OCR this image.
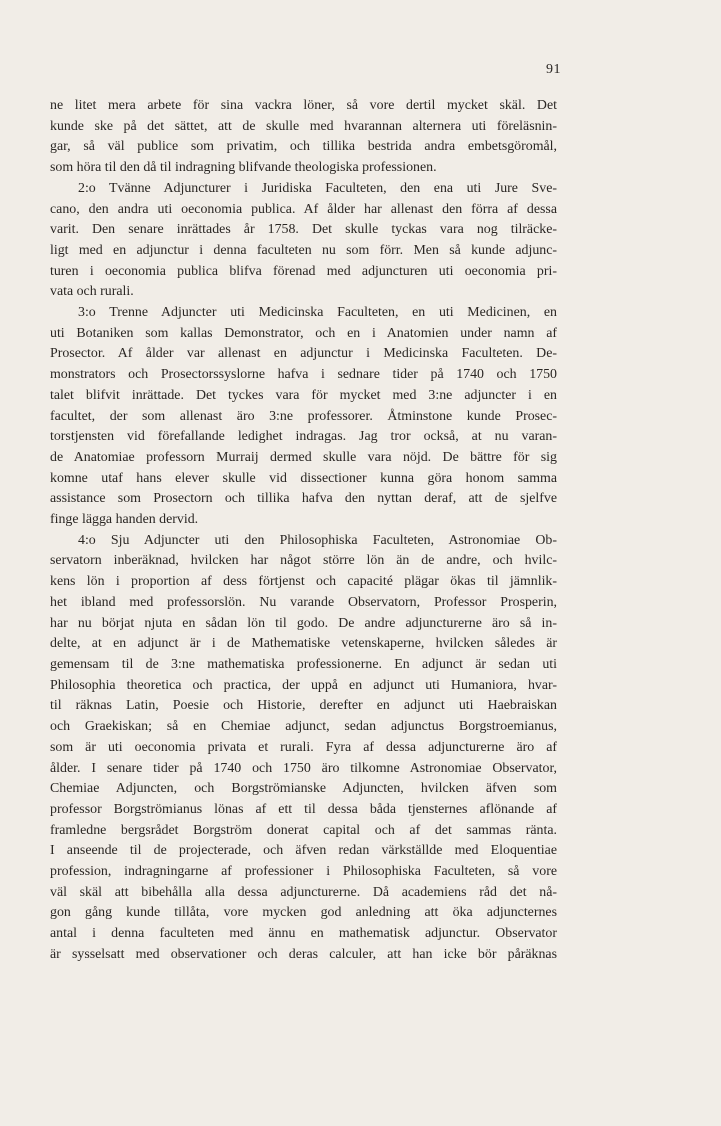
91
ne litet mera arbete för sina vackra löner, så vore dertil mycket skäl. Det
kunde ske på det sättet, att de skulle med hvarannan alternera uti föreläsnin-
gar, så väl publice som privatim, och tillika bestrida andra embetsgöromål,
som höra til den då til indragning blifvande theologiska professionen.
2:o Tvänne Adjuncturer i Juridiska Faculteten, den ena uti Jure Sve-
cano, den andra uti oeconomia publica. Af ålder har allenast den förra af dessa
varit. Den senare inrättades år 1758. Det skulle tyckas vara nog tilräcke-
ligt med en adjunctur i denna faculteten nu som förr. Men så kunde adjunc-
turen i oeconomia publica blifva förenad med adjuncturen uti oeconomia pri-
vata och rurali.
3:o Trenne Adjuncter uti Medicinska Faculteten, en uti Medicinen, en
uti Botaniken som kallas Demonstrator, och en i Anatomien under namn af
Prosector. Af ålder var allenast en adjunctur i Medicinska Faculteten. De-
monstrators och Prosectorssyslorne hafva i sednare tider på 1740 och 1750
talet blifvit inrättade. Det tyckes vara för mycket med 3:ne adjuncter i en
facultet, der som allenast äro 3:ne professorer. Åtminstone kunde Prosec-
torstjensten vid förefallande ledighet indragas. Jag tror också, at nu varan-
de Anatomiae professorn Murraij dermed skulle vara nöjd. De bättre för sig
komne utaf hans elever skulle vid dissectioner kunna göra honom samma
assistance som Prosectorn och tillika hafva den nyttan deraf, att de sjelfve
finge lägga handen dervid.
4:o Sju Adjuncter uti den Philosophiska Faculteten, Astronomiae Ob-
servatorn inberäknad, hvilcken har något större lön än de andre, och hvilc-
kens lön i proportion af dess förtjenst och capacité plägar ökas til jämnlik-
het ibland med professorslön. Nu varande Observatorn, Professor Prosperin,
har nu börjat njuta en sådan lön til godo. De andre adjuncturerne äro så in-
delte, at en adjunct är i de Mathematiske vetenskaperne, hvilcken således är
gemensam til de 3:ne mathematiska professionerne. En adjunct är sedan uti
Philosophia theoretica och practica, der uppå en adjunct uti Humaniora, hvar-
til räknas Latin, Poesie och Historie, derefter en adjunct uti Haebraiskan
och Graekiskan; så en Chemiae adjunct, sedan adjunctus Borgstroemianus,
som är uti oeconomia privata et rurali. Fyra af dessa adjuncturerne äro af
ålder. I senare tider på 1740 och 1750 äro tilkomne Astronomiae Observator,
Chemiae Adjuncten, och Borgströmianske Adjuncten, hvilcken äfven som
professor Borgströmianus lönas af ett til dessa båda tjensternes aflönande af
framledne bergsrådet Borgström donerat capital och af det sammas ränta.
I anseende til de projecterade, och äfven redan värkställde med Eloquentiae
profession, indragningarne af professioner i Philosophiska Faculteten, så vore
väl skäl att bibehålla alla dessa adjuncturerne. Då academiens råd det nå-
gon gång kunde tillåta, vore mycken god anledning att öka adjuncternes
antal i denna faculteten med ännu en mathematisk adjunctur. Observator
är sysselsatt med observationer och deras calculer, att han icke bör påräknas
